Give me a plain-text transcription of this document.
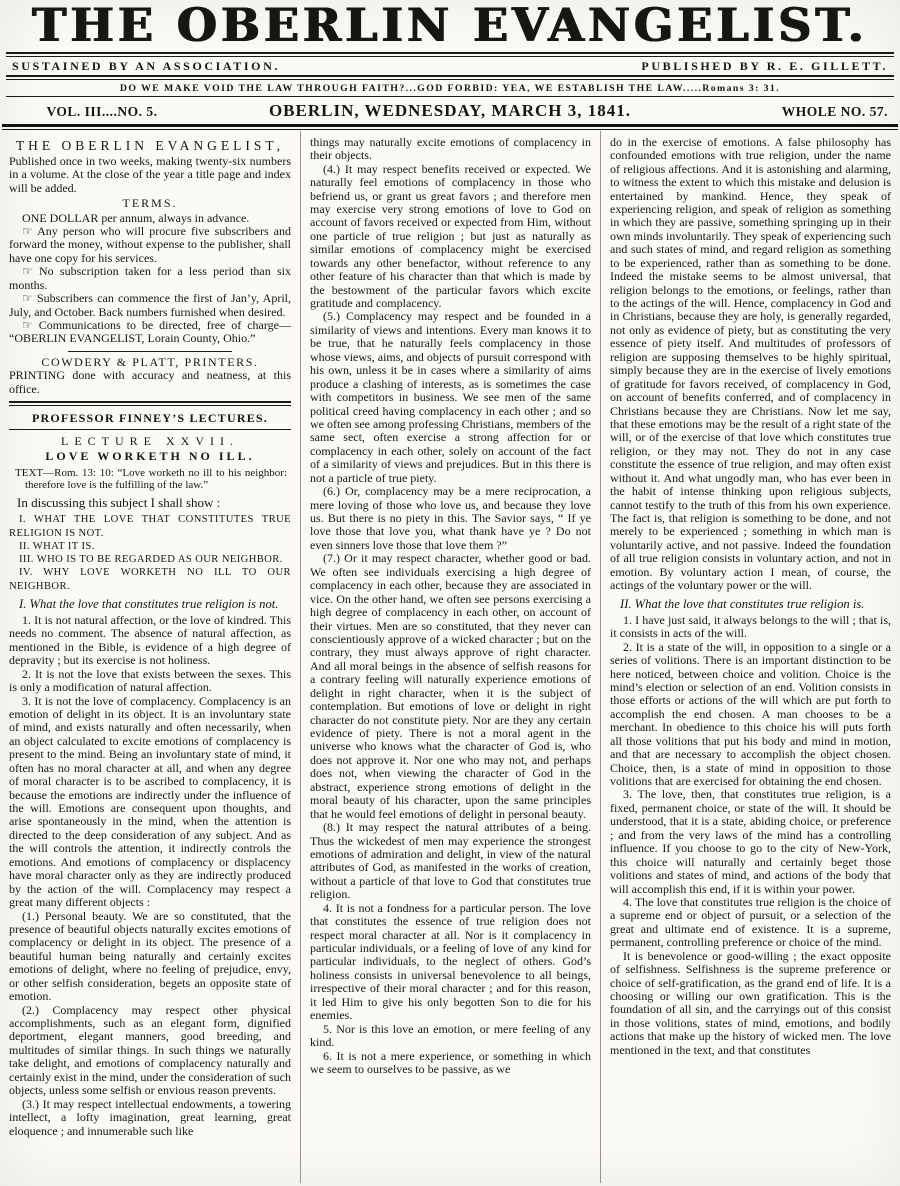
THE OBERLIN EVANGELIST.
SUSTAINED BY AN ASSOCIATION.	PUBLISHED BY R. E. GILLETT.
DO WE MAKE VOID THE LAW THROUGH FAITH?...GOD FORBID: YEA, WE ESTABLISH THE LAW.....Romans 3: 31.
VOL. III....NO. 5.	OBERLIN, WEDNESDAY, MARCH 3, 1841.	WHOLE NO. 57.
THE OBERLIN EVANGELIST,

Published once in two weeks, making twenty-six numbers in a volume. At the close of the year a title page and index will be added.

TERMS.

ONE DOLLAR per annum, always in advance.

☞ Any person who will procure five subscribers and forward the money, without expense to the publisher, shall have one copy for his services.

☞ No subscription taken for a less period than six months.

☞ Subscribers can commence the first of Jan’y, April, July, and October. Back numbers furnished when desired.

☞ Communications to be directed, free of charge— “OBERLIN EVANGELIST, Lorain County, Ohio.”

COWDERY & PLATT, PRINTERS.

PRINTING done with accuracy and neatness, at this office.

PROFESSOR FINNEY’S LECTURES.

LECTURE XXVII.

LOVE WORKETH NO ILL.

TEXT—Rom. 13: 10: “Love worketh no ill to his neighbor: therefore love is the fulfilling of the law.”

In discussing this subject I shall show :

I. WHAT THE LOVE THAT CONSTITUTES TRUE RELIGION IS NOT.

II. WHAT IT IS.

III. WHO IS TO BE REGARDED AS OUR NEIGHBOR.

IV. WHY LOVE WORKETH NO ILL TO OUR NEIGHBOR.

I. What the love that constitutes true religion is not.

1. It is not natural affection, or the love of kindred. This needs no comment. The absence of natural affection, as mentioned in the Bible, is evidence of a high degree of depravity ; but its exercise is not holiness.

2. It is not the love that exists between the sexes. This is only a modification of natural affection.

3. It is not the love of complacency. Complacency is an emotion of delight in its object. It is an involuntary state of mind, and exists naturally and often necessarily, when an object calculated to excite emotions of complacency is present to the mind. Being an involuntary state of mind, it often has no moral character at all, and when any degree of moral character is to be ascribed to complacency, it is because the emotions are indirectly under the influence of the will. Emotions are consequent upon thoughts, and arise spontaneously in the mind, when the attention is directed to the deep consideration of any subject. And as the will controls the attention, it indirectly controls the emotions. And emotions of complacency or displacency have moral character only as they are indirectly produced by the action of the will. Complacency may respect a great many different objects :

(1.) Personal beauty. We are so constituted, that the presence of beautiful objects naturally excites emotions of complacency or delight in its object. The presence of a beautiful human being naturally and certainly excites emotions of delight, where no feeling of prejudice, envy, or other selfish consideration, begets an opposite state of emotion.

(2.) Complacency may respect other physical accomplishments, such as an elegant form, dignified deportment, elegant manners, good breeding, and multitudes of similar things. In such things we naturally take delight, and emotions of complacency naturally and certainly exist in the mind, under the consideration of such objects, unless some selfish or envious reason prevents.

(3.) It may respect intellectual endowments, a towering intellect, a lofty imagination, great learning, great eloquence ; and innumerable such like

things may naturally excite emotions of complacency in their objects.

(4.) It may respect benefits received or expected. We naturally feel emotions of complacency in those who befriend us, or grant us great favors ; and therefore men may exercise very strong emotions of love to God on account of favors received or expected from Him, without one particle of true religion ; but just as naturally as similar emotions of complacency might be exercised towards any other benefactor, without reference to any other feature of his character than that which is made by the bestowment of the particular favors which excite gratitude and complacency.

(5.) Complacency may respect and be founded in a similarity of views and intentions. Every man knows it to be true, that he naturally feels complacency in those whose views, aims, and objects of pursuit correspond with his own, unless it be in cases where a similarity of aims produce a clashing of interests, as is sometimes the case with competitors in business. We see men of the same political creed having complacency in each other ; and so we often see among professing Christians, members of the same sect, often exercise a strong affection for or complacency in each other, solely on account of the fact of a similarity of views and prejudices. But in this there is not a particle of true piety.

(6.) Or, complacency may be a mere reciprocation, a mere loving of those who love us, and because they love us. But there is no piety in this. The Savior says, “ If ye love those that love you, what thank have ye ? Do not even sinners love those that love them ?”

(7.) Or it may respect character, whether good or bad. We often see individuals exercising a high degree of complacency in each other, because they are associated in vice. On the other hand, we often see persons exercising a high degree of complacency in each other, on account of their virtues. Men are so constituted, that they never can conscientiously approve of a wicked character ; but on the contrary, they must always approve of right character. And all moral beings in the absence of selfish reasons for a contrary feeling will naturally experience emotions of delight in right character, when it is the subject of contemplation. But emotions of love or delight in right character do not constitute piety. Nor are they any certain evidence of piety. There is not a moral agent in the universe who knows what the character of God is, who does not approve it. Nor one who may not, and perhaps does not, when viewing the character of God in the abstract, experience strong emotions of delight in the moral beauty of his character, upon the same principles that he would feel emotions of delight in personal beauty.

(8.) It may respect the natural attributes of a being. Thus the wickedest of men may experience the strongest emotions of admiration and delight, in view of the natural attributes of God, as manifested in the works of creation, without a particle of that love to God that constitutes true religion.

4. It is not a fondness for a particular person. The love that constitutes the essence of true religion does not respect moral character at all. Nor is it complacency in particular individuals, or a feeling of love of any kind for particular individuals, to the neglect of others. God’s holiness consists in universal benevolence to all beings, irrespective of their moral character ; and for this reason, it led Him to give his only begotten Son to die for his enemies.

5. Nor is this love an emotion, or mere feeling of any kind.

6. It is not a mere experience, or something in which we seem to ourselves to be passive, as we

do in the exercise of emotions. A false philosophy has confounded emotions with true religion, under the name of religious affections. And it is astonishing and alarming, to witness the extent to which this mistake and delusion is entertained by mankind. Hence, they speak of experiencing religion, and speak of religion as something in which they are passive, something springing up in their own minds involuntarily. They speak of experiencing such and such states of mind, and regard religion as something to be experienced, rather than as something to be done. Indeed the mistake seems to be almost universal, that religion belongs to the emotions, or feelings, rather than to the actings of the will. Hence, complacency in God and in Christians, because they are holy, is generally regarded, not only as evidence of piety, but as constituting the very essence of piety itself. And multitudes of professors of religion are supposing themselves to be highly spiritual, simply because they are in the exercise of lively emotions of gratitude for favors received, of complacency in God, on account of benefits conferred, and of complacency in Christians because they are Christians. Now let me say, that these emotions may be the result of a right state of the will, or of the exercise of that love which constitutes true religion, or they may not. They do not in any case constitute the essence of true religion, and may often exist without it. And what ungodly man, who has ever been in the habit of intense thinking upon religious subjects, cannot testify to the truth of this from his own experience. The fact is, that religion is something to be done, and not merely to be experienced ; something in which man is voluntarily active, and not passive. Indeed the foundation of all true religion consists in voluntary action, and not in emotion. By voluntary action I mean, of course, the actings of the voluntary power or the will.

II. What the love that constitutes true religion is.

1. I have just said, it always belongs to the will ; that is, it consists in acts of the will.

2. It is a state of the will, in opposition to a single or a series of volitions. There is an important distinction to be here noticed, between choice and volition. Choice is the mind’s election or selection of an end. Volition consists in those efforts or actions of the will which are put forth to accomplish the end chosen. A man chooses to be a merchant. In obedience to this choice his will puts forth all those volitions that put his body and mind in motion, and that are necessary to accomplish the object chosen. Choice, then, is a state of mind in opposition to those volitions that are exercised for obtaining the end chosen.

3. The love, then, that constitutes true religion, is a fixed, permanent choice, or state of the will. It should be understood, that it is a state, abiding choice, or preference ; and from the very laws of the mind has a controlling influence. If you choose to go to the city of New-York, this choice will naturally and certainly beget those volitions and states of mind, and actions of the body that will accomplish this end, if it is within your power.

4. The love that constitutes true religion is the choice of a supreme end or object of pursuit, or a selection of the great and ultimate end of existence. It is a supreme, permanent, controlling preference or choice of the mind.

It is benevolence or good-willing ; the exact opposite of selfishness. Selfishness is the supreme preference or choice of self-gratification, as the grand end of life. It is a choosing or willing our own gratification. This is the foundation of all sin, and the carryings out of this consist in those volitions, states of mind, emotions, and bodily actions that make up the history of wicked men. The love mentioned in the text, and that constitutes
